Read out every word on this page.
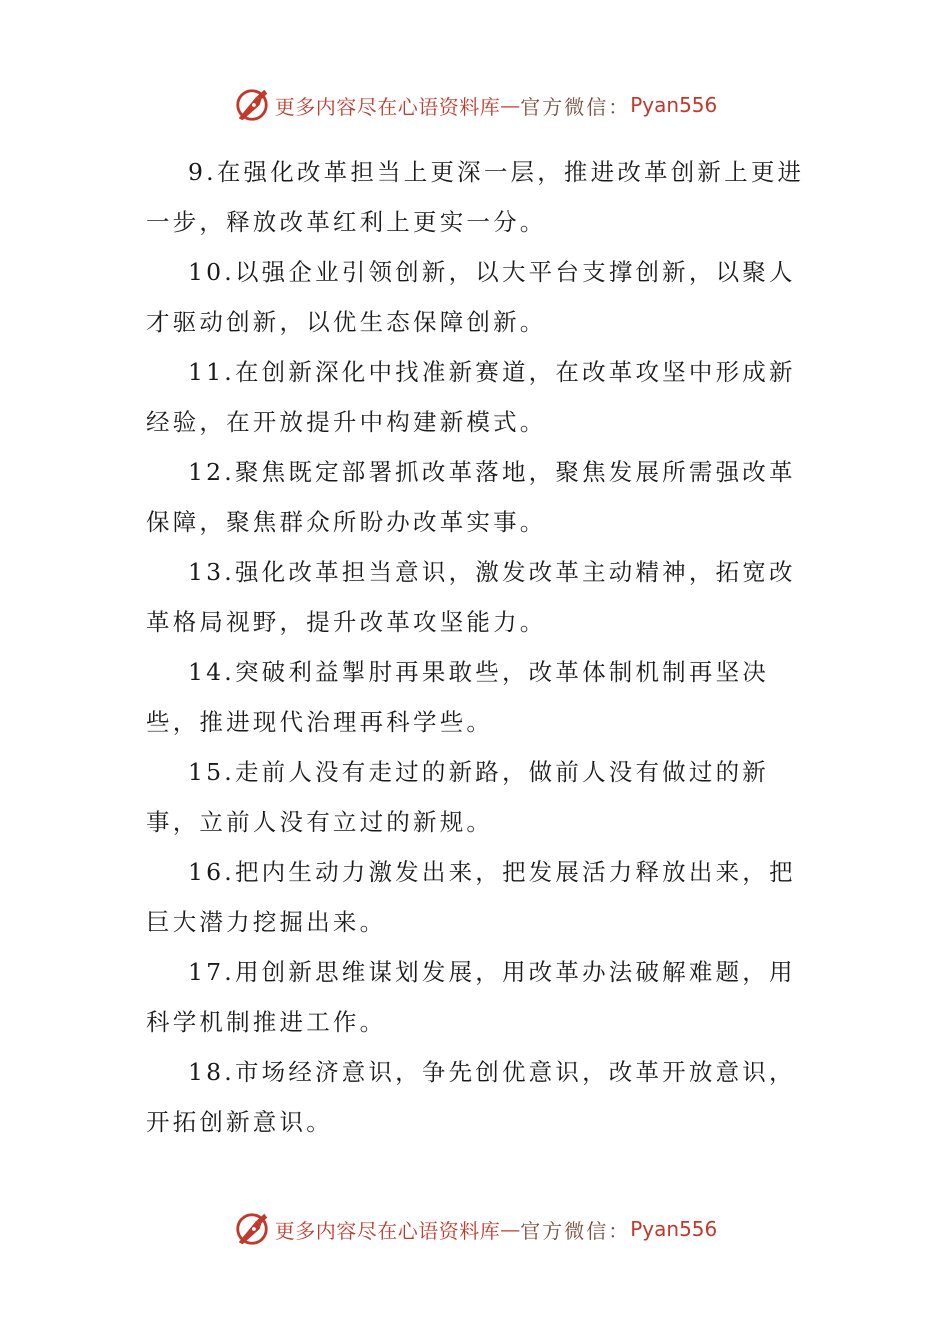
更多内容尽在心语资料库 — 官方微信： Pyan556
9.在强化改革担当上更深一层，推进改革创新上更进一步，释放改革红利上更实一分。
10.以强企业引领创新，以大平台支撑创新，以聚人才驱动创新，以优生态保障创新。
11.在创新深化中找准新赛道，在改革攻坚中形成新经验，在开放提升中构建新模式。
12.聚焦既定部署抓改革落地，聚焦发展所需强改革保障，聚焦群众所盼办改革实事。
13.强化改革担当意识，激发改革主动精神，拓宽改革格局视野，提升改革攻坚能力。
14.突破利益掣肘再果敢些，改革体制机制再坚决些，推进现代治理再科学些。
15.走前人没有走过的新路，做前人没有做过的新事，立前人没有立过的新规。
16.把内生动力激发出来，把发展活力释放出来，把巨大潜力挖掘出来。
17.用创新思维谋划发展，用改革办法破解难题，用科学机制推进工作。
18.市场经济意识，争先创优意识，改革开放意识，开拓创新意识。
更多内容尽在心语资料库 — 官方微信： Pyan556
